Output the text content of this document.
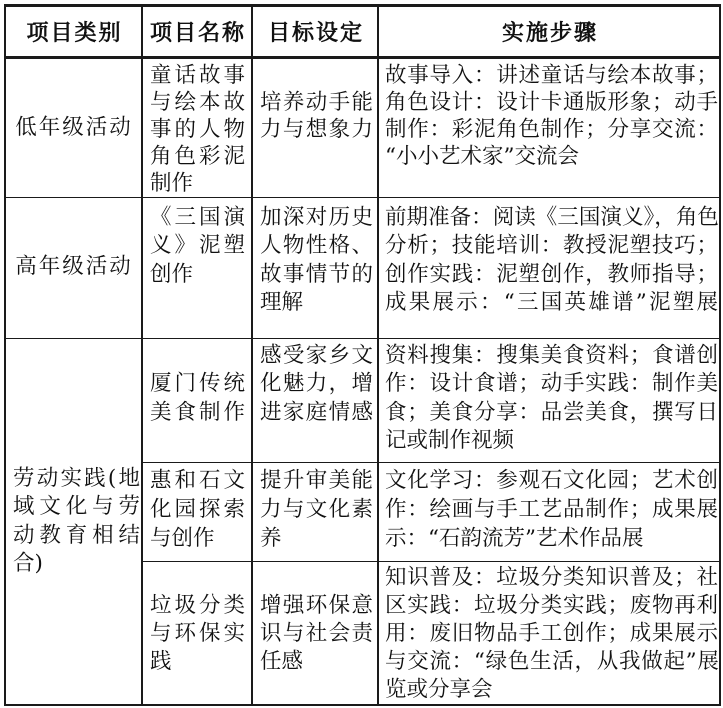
项目类别	项目名称 目标设定	实施步骤
低年级活动
童话故事
与绘本故
事的人物
角色彩泥
制作
培养动手能
力与想象力
故事导入：讲述童话与绘本故事；
角色设计：设计卡通版形象；动手
制作：彩泥角色制作；分享交流：
“小小艺术家”交流会
高年级活动
《三国演
义》泥塑
创作
加深对历史
人物性格、
故事情节的
理解
前期准备：阅读《三国演义》，角色
分析；技能培训：教授泥塑技巧；
创作实践：泥塑创作，教师指导；
成果展示：“三国英雄谱”泥塑展
劳动实践(地
域文化与劳
动教育相结
合)
厦门传统
美食制作
感受家乡文
化魅力，增
进家庭情感
资料搜集：搜集美食资料；食谱创
作：设计食谱；动手实践：制作美
食；美食分享：品尝美食，撰写日
记或制作视频
惠和石文
化园探索
与创作
提升审美能
力与文化素
养
文化学习：参观石文化园；艺术创
作：绘画与手工艺品制作；成果展
示：“石韵流芳”艺术作品展
垃圾分类
与环保实
践
增强环保意
识与社会责
任感
知识普及：垃圾分类知识普及；社
区实践：垃圾分类实践；废物再利
用：废旧物品手工创作；成果展示
与交流：“绿色生活，从我做起”展
览或分享会
